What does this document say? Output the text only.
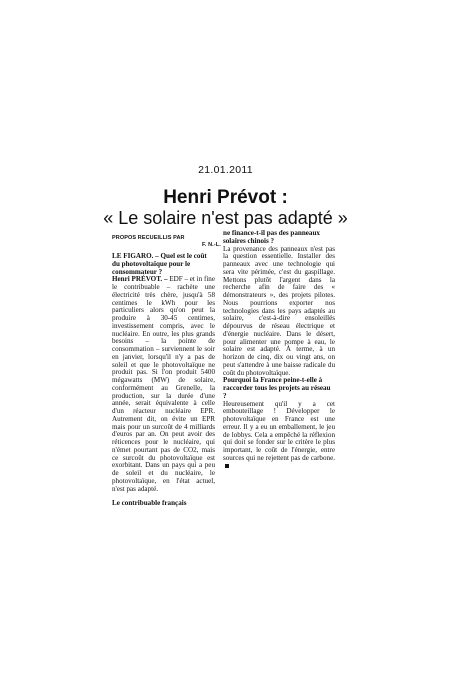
21.01.2011
Henri Prévot :
« Le solaire n'est pas adapté »
PROPOS RECUEILLIS PAR
F. N.-L.

LE FIGARO. – Quel est le coût du photovoltaïque pour le consommateur ?

Henri PRÉVOT. – EDF – et in fine le contribuable – rachète une électricité très chère, jusqu'à 58 centimes le kWh pour les particuliers alors qu'on peut la produire à 30-45 centimes, investissement compris, avec le nucléaire. En outre, les plus grands besoins – la pointe de consommation – surviennent le soir en janvier, lorsqu'il n'y a pas de soleil et que le photovoltaïque ne produit pas. Si l'on produit 5400 mégawatts (MW) de solaire, conformément au Grenelle, la production, sur la durée d'une année, serait équivalente à celle d'un réacteur nucléaire EPR. Autrement dit, on évite un EPR mais pour un surcoût de 4 milliards d'euros par an. On peut avoir des réticences pour le nucléaire, qui n'émet pourtant pas de CO2, mais ce surcoût du photovoltaïque est exorbitant. Dans un pays qui a peu de soleil et du nucléaire, le photovoltaïque, en l'état actuel, n'est pas adapté.

Le contribuable français

ne finance-t-il pas des panneaux solaires chinois ?

La provenance des panneaux n'est pas la question essentielle. Installer des panneaux avec une technologie qui sera vite périmée, c'est du gaspillage. Mettons plutôt l'argent dans la recherche afin de faire des « démonstrateurs », des projets pilotes. Nous pourrions exporter nos technologies dans les pays adaptés au solaire, c'est-à-dire ensoleillés dépourvus de réseau électrique et d'énergie nucléaire. Dans le désert, pour alimenter une pompe à eau, le solaire est adapté. À terme, à un horizon de cinq, dix ou vingt ans, on peut s'attendre à une baisse radicale du coût du photovoltaïque.

Pourquoi la France peine-t-elle à raccorder tous les projets au réseau ?

Heureusement qu'il y a cet embouteillage ! Développer le photovoltaïque en France est une erreur. Il y a eu un emballement, le jeu de lobbys. Cela a empêché la réflexion qui doit se fonder sur le critère le plus important, le coût de l'énergie, entre sources qui ne rejettent pas de carbone.
